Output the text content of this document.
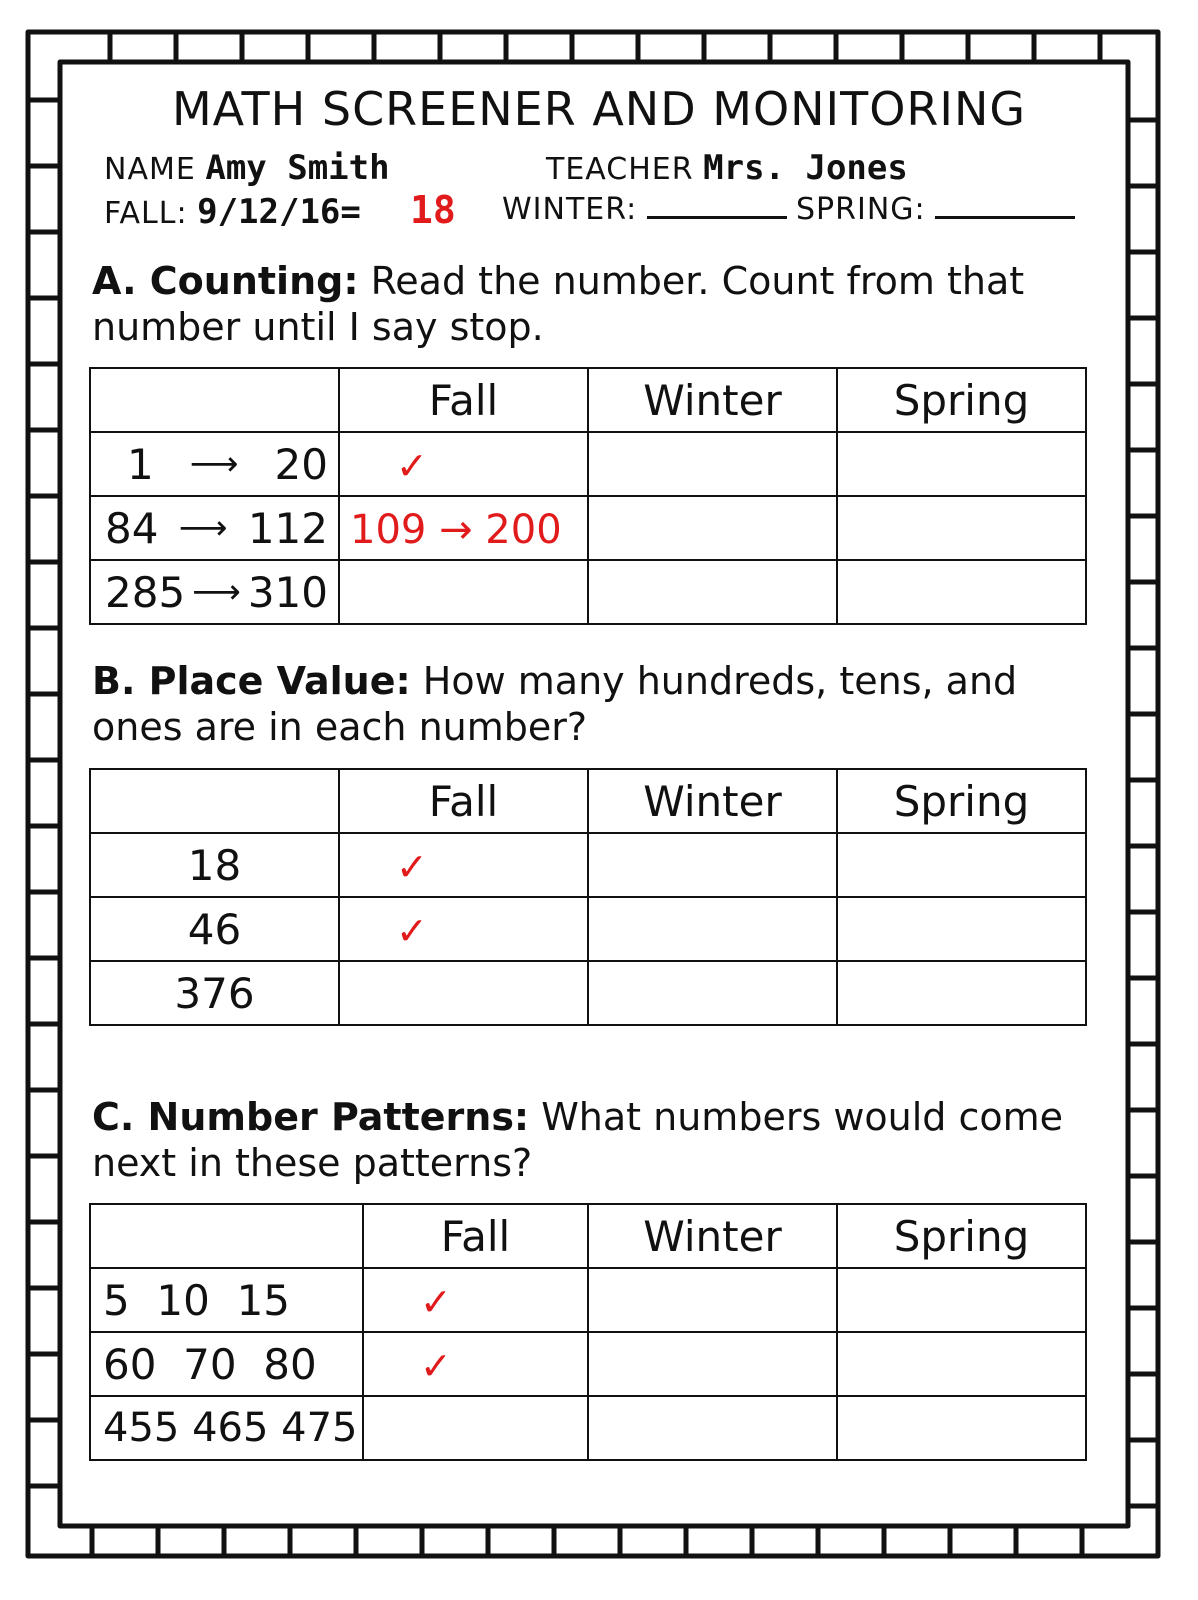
MATH SCREENER AND MONITORING
NAME Amy Smith	TEACHER Mrs. Jones
FALL: 9/12/16= 18 WINTER:	SPRING:
A. Counting: Read the number. Count from that number until I say stop.
	Fall	Winter	Spring

1 ⟶ 20	✓		

84 ⟶ 112	109 → 200		

285 ⟶ 310			

B. Place Value: How many hundreds, tens, and ones are in each number?
	Fall	Winter	Spring
18	✓		
46	✓		
376			
C. Number Patterns: What numbers would come next in these patterns?
	Fall	Winter	Spring
5  10  15	✓		
60  70  80	✓		
455 465 475			
